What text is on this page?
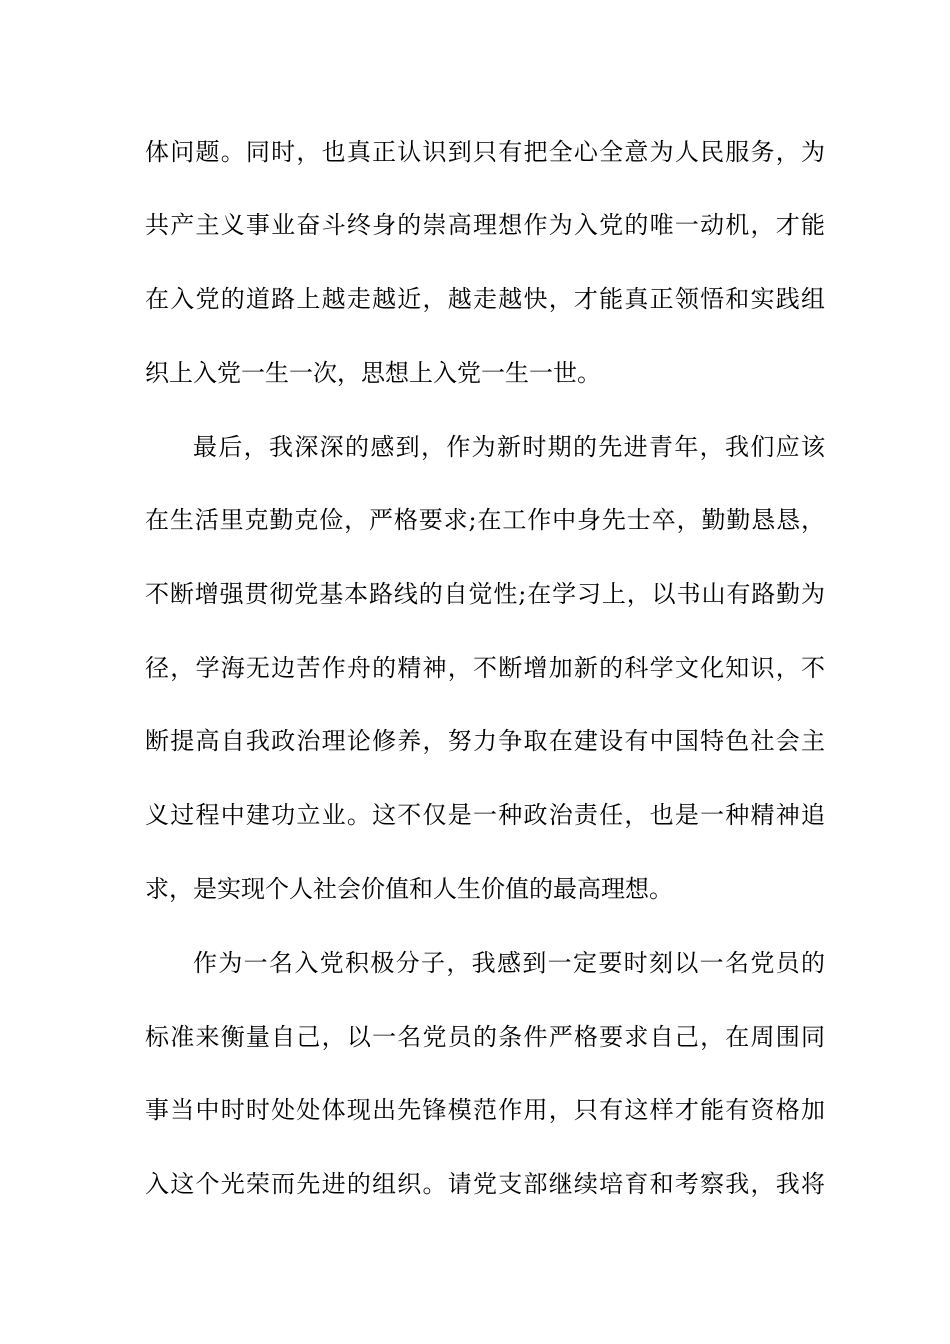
体问题。同时，也真正认识到只有把全心全意为人民服务，为

共产主义事业奋斗终身的崇高理想作为入党的唯一动机，才能

在入党的道路上越走越近，越走越快，才能真正领悟和实践组

织上入党一生一次，思想上入党一生一世。

最后，我深深的感到，作为新时期的先进青年，我们应该

在生活里克勤克俭，严格要求;在工作中身先士卒，勤勤恳恳，

不断增强贯彻党基本路线的自觉性;在学习上，以书山有路勤为

径，学海无边苦作舟的精神，不断增加新的科学文化知识，不

断提高自我政治理论修养，努力争取在建设有中国特色社会主

义过程中建功立业。这不仅是一种政治责任，也是一种精神追

求，是实现个人社会价值和人生价值的最高理想。

作为一名入党积极分子，我感到一定要时刻以一名党员的

标准来衡量自己，以一名党员的条件严格要求自己，在周围同

事当中时时处处体现出先锋模范作用，只有这样才能有资格加

入这个光荣而先进的组织。请党支部继续培育和考察我，我将
